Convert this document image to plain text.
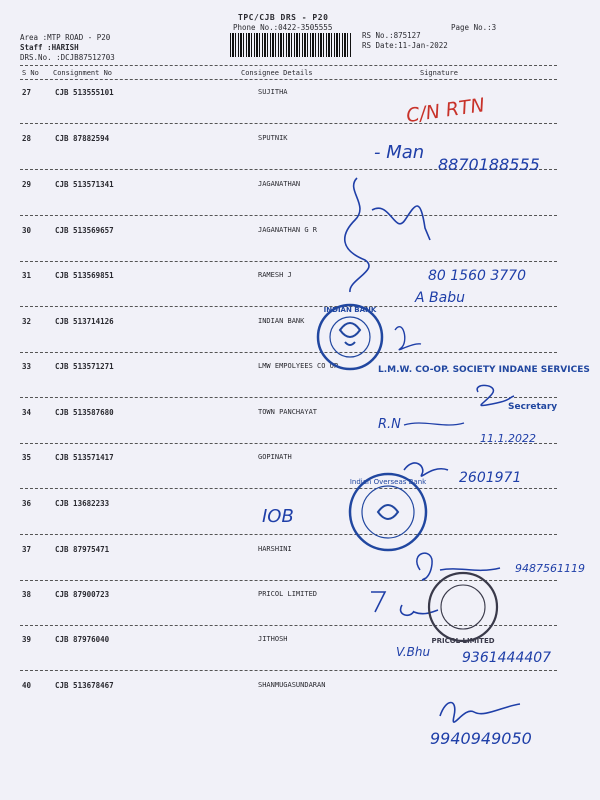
TPC/CJB DRS - P20
Phone No.:0422-3505555	Page No.:3
Area :MTP ROAD - P20
Staff :HARISH
DRS.No. :DCJB87512703
RS No.:875127
RS Date:11-Jan-2022
S No Consignment No	Consignee Details	Signature
27	CJB 513555101	SUJITHA
28	CJB 87882594	SPUTNIK
29	CJB 513571341	JAGANATHAN
30	CJB 513569657	JAGANATHAN G R
31	CJB 513569851	RAMESH J
32	CJB 513714126	INDIAN BANK
33	CJB 513571271	LMW EMPOLYEES CO OP
34	CJB 513587680	TOWN PANCHAYAT
35	CJB 513571417	GOPINATH
36	CJB 13682233
37	CJB 87975471	HARSHINI
38	CJB 87900723	PRICOL LIMITED
39	CJB 87976040	JITHOSH
40	CJB 513678467	SHANMUGASUNDARAN
C/N RTN
- Man
8870188555
80 1560 3770
A Babu
INDIAN BANK
L.M.W. CO-OP. SOCIETY INDANE SERVICES
Secretary
R.N
11.1.2022
2601971
IOB
Indian Overseas Bank
9487561119
PRICOL LIMITED
V.Bhu 9361444407
9940949050
